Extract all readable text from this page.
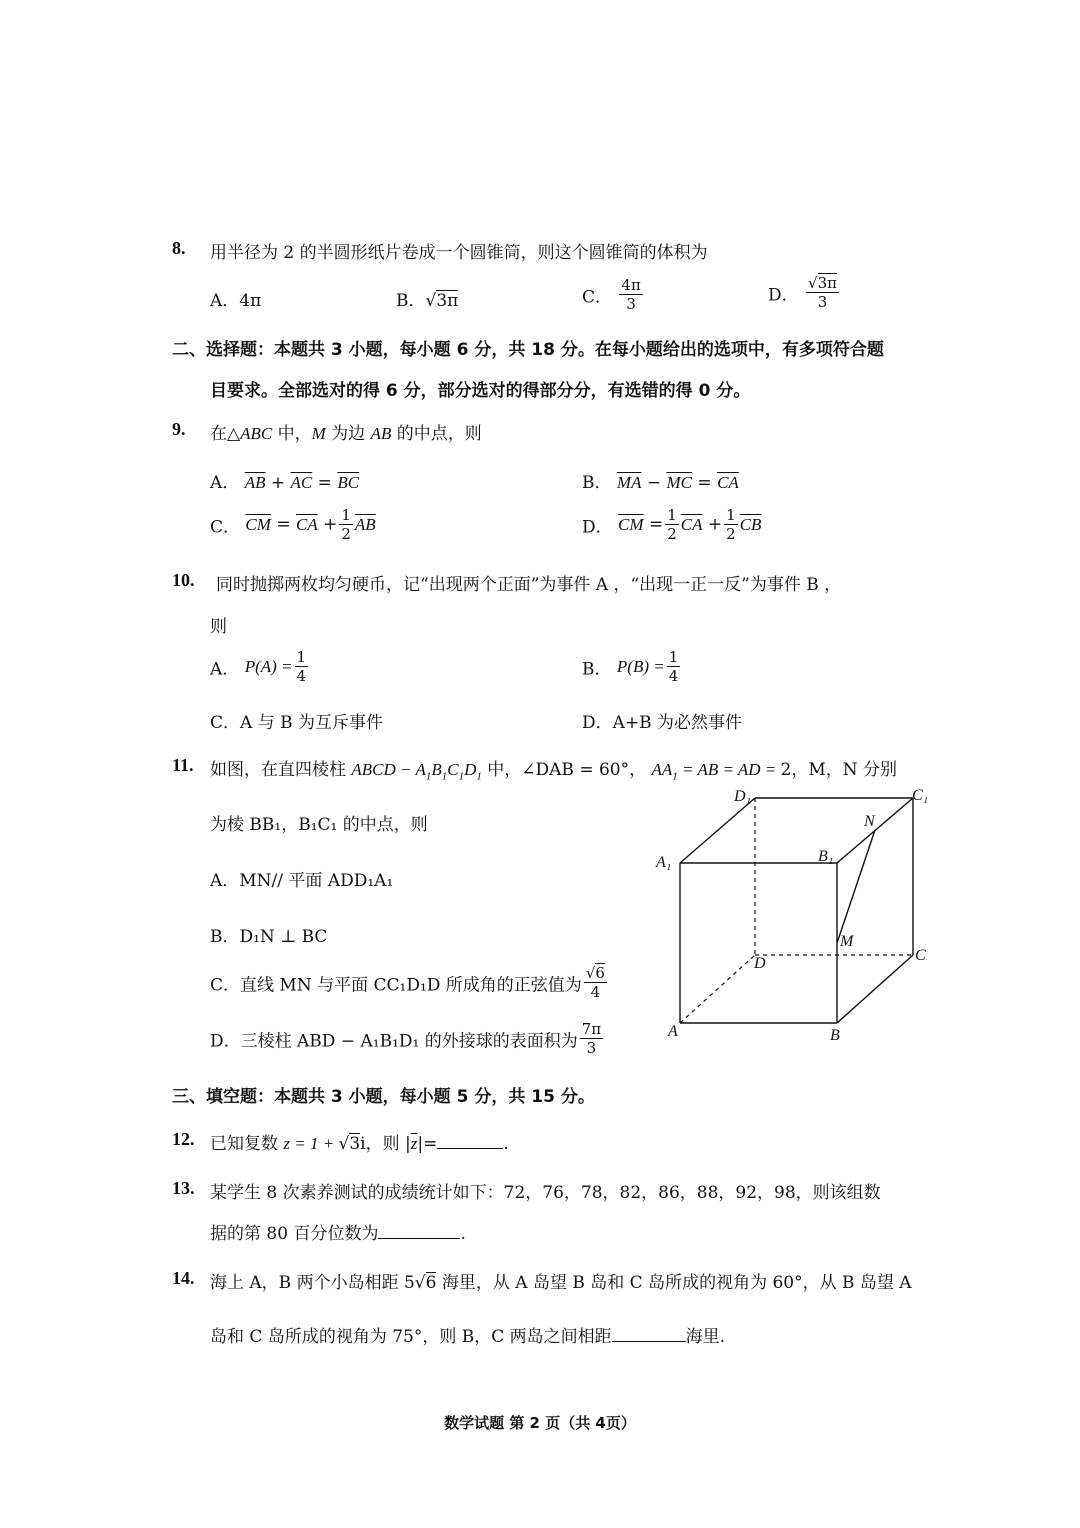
8. 用半径为 2 的半圆形纸片卷成一个圆锥筒，则这个圆锥筒的体积为
A．4π	B．√3π	C． $\frac{4\pi}{3}$	D． $\frac{√3\pi}{3}$
二、选择题：本题共 3 小题，每小题 6 分，共 18 分。在每小题给出的选项中，有多项符合题
目要求。全部选对的得 6 分，部分选对的得部分分，有选错的得 0 分。
9. 在△ABC 中，M 为边 AB 的中点，则
A． $\overline{AB} + \overline{AC} = \overline{BC}$	B． $\overline{MA} - \overline{MC} = \overline{CA}$
C． $\overline{CM} = \overline{CA} + \frac{1}{2} \overline{AB}$	D． $\overline{CM} = \frac{1}{2} \overline{CA} + \frac{1}{2} \overline{CB}$
10. 同时抛掷两枚均匀硬币，记“出现两个正面”为事件 A ，“出现一正一反”为事件 B ，
则
A． $P(A) = \frac{1}{4}$	B． $P(B) = \frac{1}{4}$
C．A 与 B 为互斥事件	D．A+B 为必然事件
11. 如图，在直四棱柱 ABCD − $A_1B_1C_1D_1$ 中，∠DAB = 60°， $AA_1$ = AB = AD = 2，M，N 分别
为棱 BB₁，B₁C₁ 的中点，则
A．MN// 平面 ADD₁A₁
B．D₁N ⊥ BC
C．直线 MN 与平面 CC₁D₁D 所成角的正弦值为 $\frac{√6}{4}$
D．三棱柱 ABD − A₁B₁D₁ 的外接球的表面积为 $\frac{7\pi}{3}$
D₁	C₁
N
A₁	B₁
M
D	C
A	B
三、填空题：本题共 3 小题，每小题 5 分，共 15 分。
12. 已知复数 z = 1 + √3i，则 $|\overline{z}|=$	.
13. 某学生 8 次素养测试的成绩统计如下：72，76，78，82，86，88，92，98，则该组数
据的第 80 百分位数为	.
14. 海上 A，B 两个小岛相距 5√6 海里，从 A 岛望 B 岛和 C 岛所成的视角为 60°，从 B 岛望 A
岛和 C 岛所成的视角为 75°，则 B，C 两岛之间相距	海里.
数学试题 第 2 页（共 4页）
